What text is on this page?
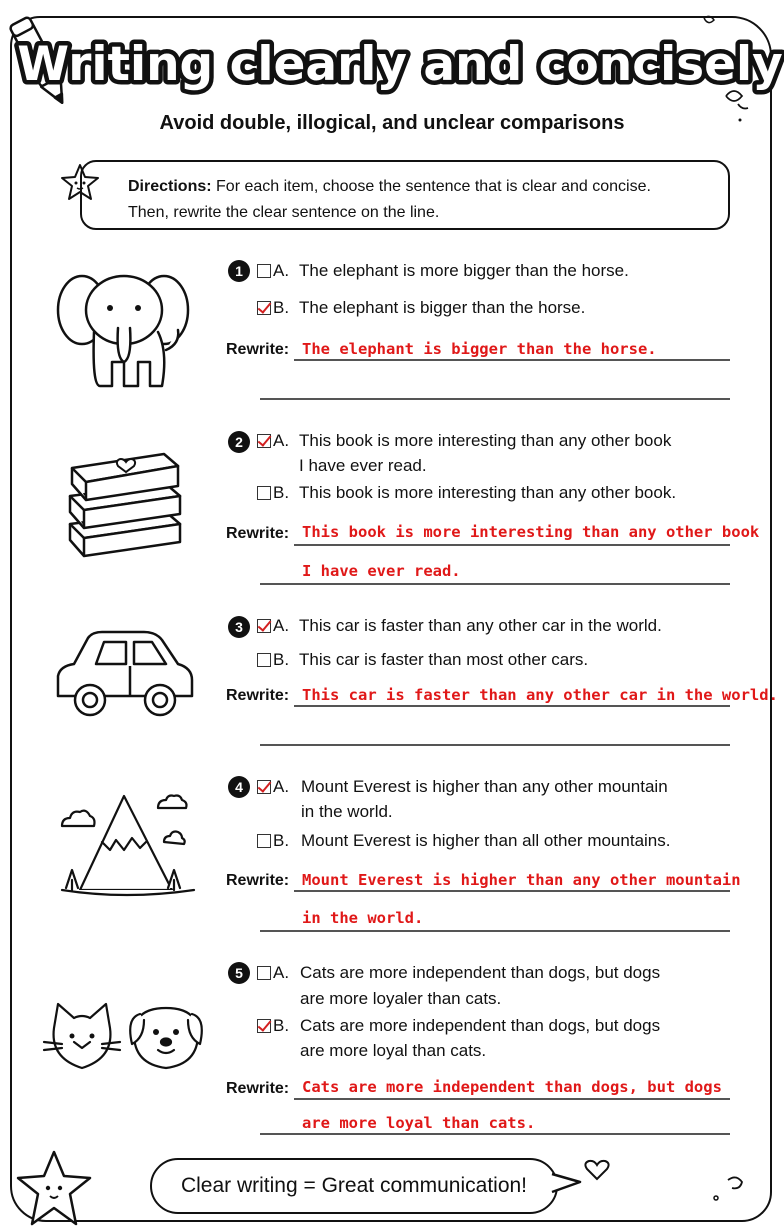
Writing clearly and concisely
Avoid double, illogical, and unclear comparisons
Directions: For each item, choose the sentence that is clear and concise.
Then, rewrite the clear sentence on the line.
1	A. The elephant is more bigger than the horse.
B. The elephant is bigger than the horse.
Rewrite: The elephant is bigger than the horse.
2	A. This book is more interesting than any other book
I have ever read.
B. This book is more interesting than any other book.
Rewrite: This book is more interesting than any other book
I have ever read.
3	A. This car is faster than any other car in the world.
B. This car is faster than most other cars.
Rewrite: This car is faster than any other car in the world.
4	A. Mount Everest is higher than any other mountain
in the world.
B. Mount Everest is higher than all other mountains.
Rewrite: Mount Everest is higher than any other mountain
in the world.
5	A. Cats are more independent than dogs, but dogs
are more loyaler than cats.
B. Cats are more independent than dogs, but dogs
are more loyal than cats.
Rewrite: Cats are more independent than dogs, but dogs
are more loyal than cats.
Clear writing = Great communication!
